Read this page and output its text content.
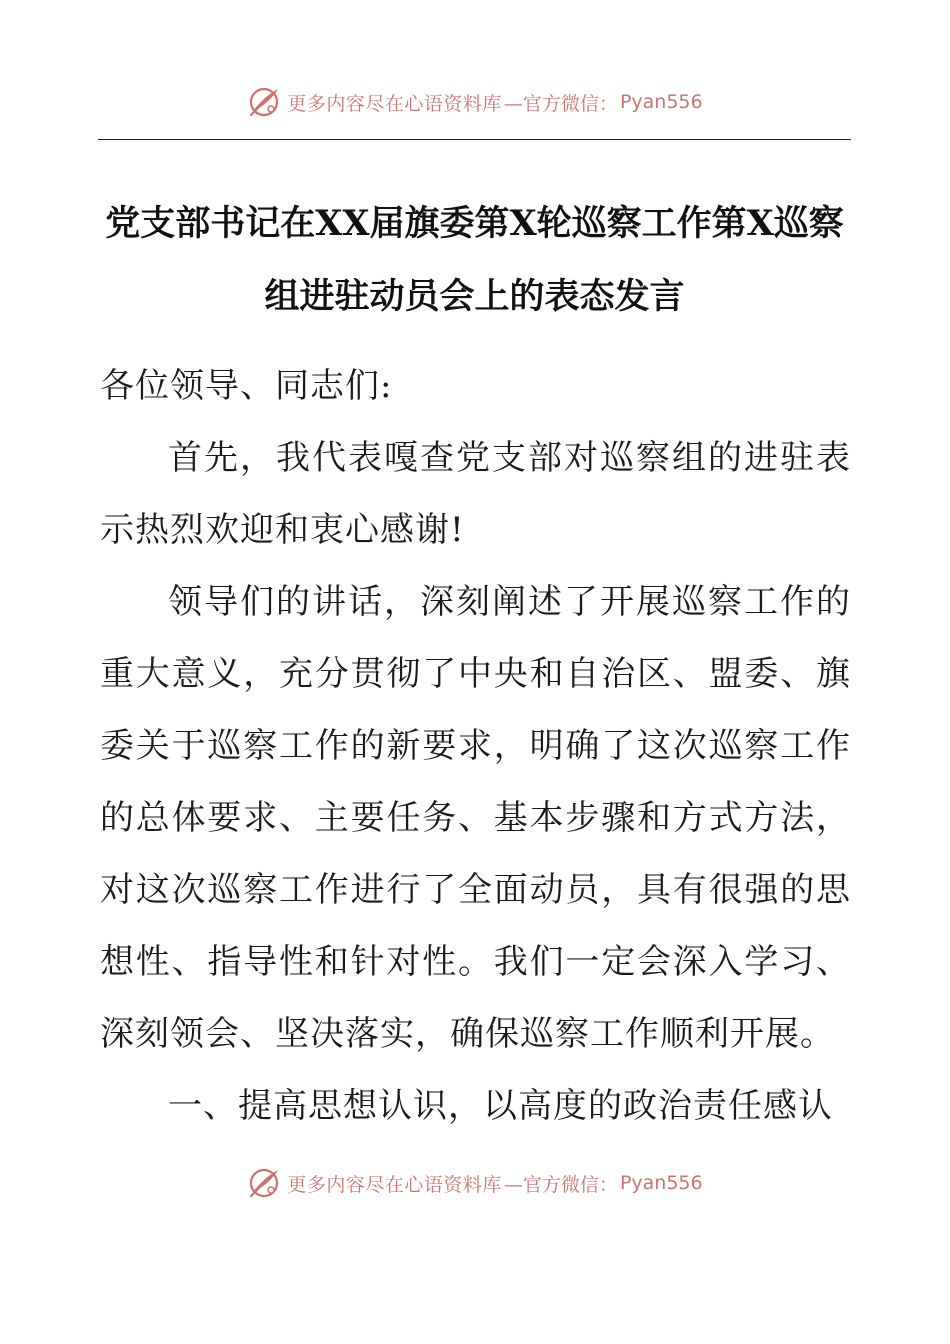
更多内容尽在心语资料库 —官方微信： Pyan556
党支部书记在XX届旗委第X轮巡察工作第X巡察组进驻动员会上的表态发言

各位领导、同志们:

首先，我代表嘎查党支部对巡察组的进驻表示热烈欢迎和衷心感谢!

领导们的讲话，深刻阐述了开展巡察工作的重大意义，充分贯彻了中央和自治区、盟委、旗委关于巡察工作的新要求，明确了这次巡察工作的总体要求、主要任务、基本步骤和方式方法，对这次巡察工作进行了全面动员，具有很强的思想性、指导性和针对性。我们一定会深入学习、深刻领会、坚决落实，确保巡察工作顺利开展。

一、提高思想认识，以高度的政治责任感认

更多内容尽在心语资料库 —官方微信： Pyan556
